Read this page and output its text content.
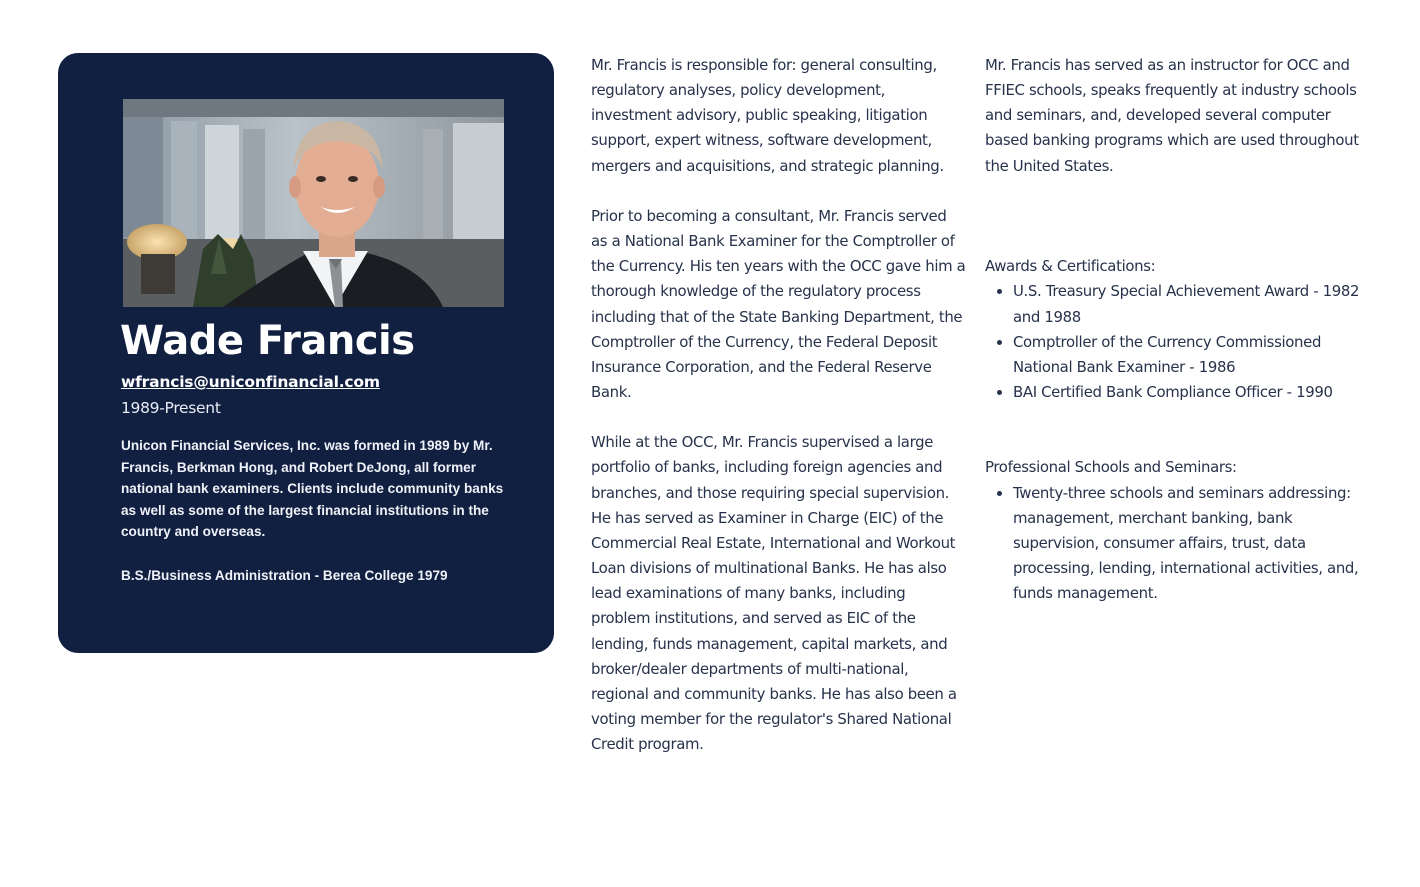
Wade Francis
wfrancis@uniconfinancial.com
1989-Present

Unicon Financial Services, Inc. was formed in 1989 by Mr. Francis, Berkman Hong, and Robert DeJong, all former national bank examiners. Clients include community banks as well as some of the largest financial institutions in the country and overseas.

B.S./Business Administration - Berea College 1979

Mr. Francis is responsible for: general consulting, regulatory analyses, policy development, investment advisory, public speaking, litigation support, expert witness, software development, mergers and acquisitions, and strategic planning.

Prior to becoming a consultant, Mr. Francis served as a National Bank Examiner for the Comptroller of the Currency. His ten years with the OCC gave him a thorough knowledge of the regulatory process including that of the State Banking Department, the Comptroller of the Currency, the Federal Deposit Insurance Corporation, and the Federal Reserve Bank.

While at the OCC, Mr. Francis supervised a large portfolio of banks, including foreign agencies and branches, and those requiring special supervision. He has served as Examiner in Charge (EIC) of the Commercial Real Estate, International and Workout Loan divisions of multinational Banks. He has also lead examinations of many banks, including problem institutions, and served as EIC of the lending, funds management, capital markets, and broker/dealer departments of multi-national, regional and community banks. He has also been a voting member for the regulator's Shared National Credit program.

Mr. Francis has served as an instructor for OCC and FFIEC schools, speaks frequently at industry schools and seminars, and, developed several computer based banking programs which are used throughout the United States.

Awards & Certifications:

• U.S. Treasury Special Achievement Award - 1982 and 1988
• Comptroller of the Currency Commissioned National Bank Examiner - 1986
• BAI Certified Bank Compliance Officer - 1990

Professional Schools and Seminars:

• Twenty-three schools and seminars addressing: management, merchant banking, bank supervision, consumer affairs, trust, data processing, lending, international activities, and, funds management.
